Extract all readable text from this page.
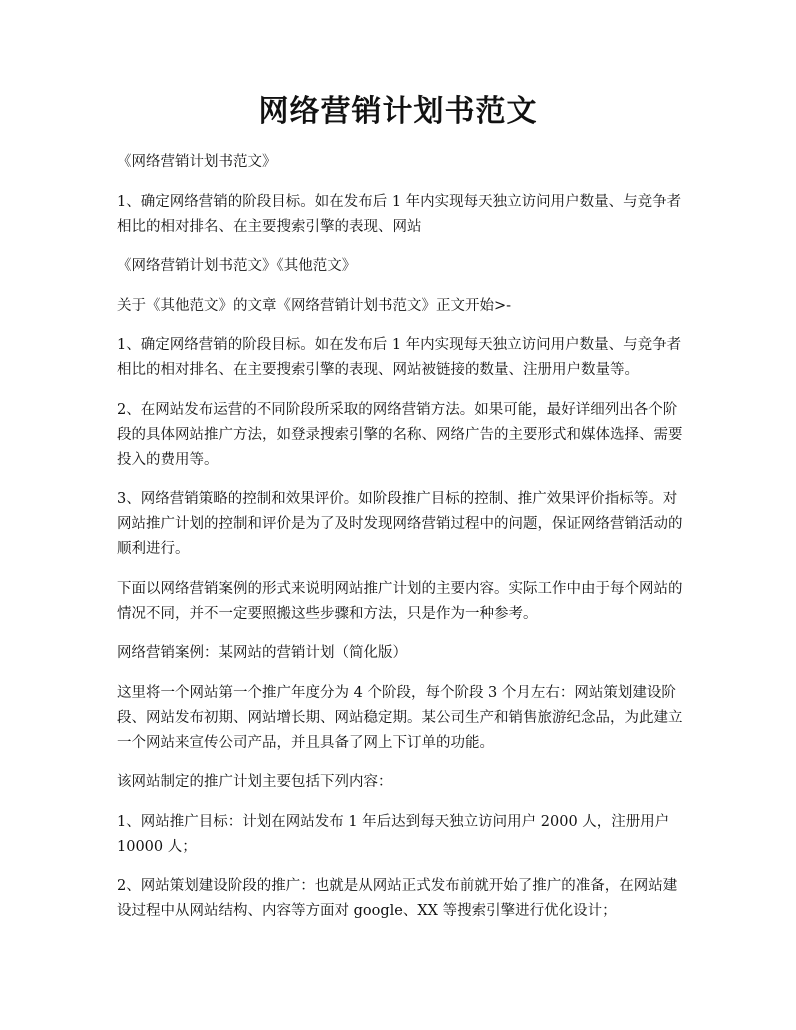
网络营销计划书范文

《网络营销计划书范文》

1、确定网络营销的阶段目标。如在发布后 1 年内实现每天独立访问用户数量、与竞争者相比的相对排名、在主要搜索引擎的表现、网站

《网络营销计划书范文》《其他范文》

关于《其他范文》的文章《网络营销计划书范文》正文开始>-

1、确定网络营销的阶段目标。如在发布后 1 年内实现每天独立访问用户数量、与竞争者相比的相对排名、在主要搜索引擎的表现、网站被链接的数量、注册用户数量等。

2、在网站发布运营的不同阶段所采取的网络营销方法。如果可能，最好详细列出各个阶段的具体网站推广方法，如登录搜索引擎的名称、网络广告的主要形式和媒体选择、需要投入的费用等。

3、网络营销策略的控制和效果评价。如阶段推广目标的控制、推广效果评价指标等。对网站推广计划的控制和评价是为了及时发现网络营销过程中的问题，保证网络营销活动的顺利进行。

下面以网络营销案例的形式来说明网站推广计划的主要内容。实际工作中由于每个网站的情况不同，并不一定要照搬这些步骤和方法，只是作为一种参考。

网络营销案例：某网站的营销计划（简化版）

这里将一个网站第一个推广年度分为 4 个阶段，每个阶段 3 个月左右：网站策划建设阶段、网站发布初期、网站增长期、网站稳定期。某公司生产和销售旅游纪念品，为此建立一个网站来宣传公司产品，并且具备了网上下订单的功能。

该网站制定的推广计划主要包括下列内容：

1、网站推广目标：计划在网站发布 1 年后达到每天独立访问用户 2000 人，注册用户 10000 人；

2、网站策划建设阶段的推广：也就是从网站正式发布前就开始了推广的准备，在网站建设过程中从网站结构、内容等方面对 google、XX 等搜索引擎进行优化设计；
